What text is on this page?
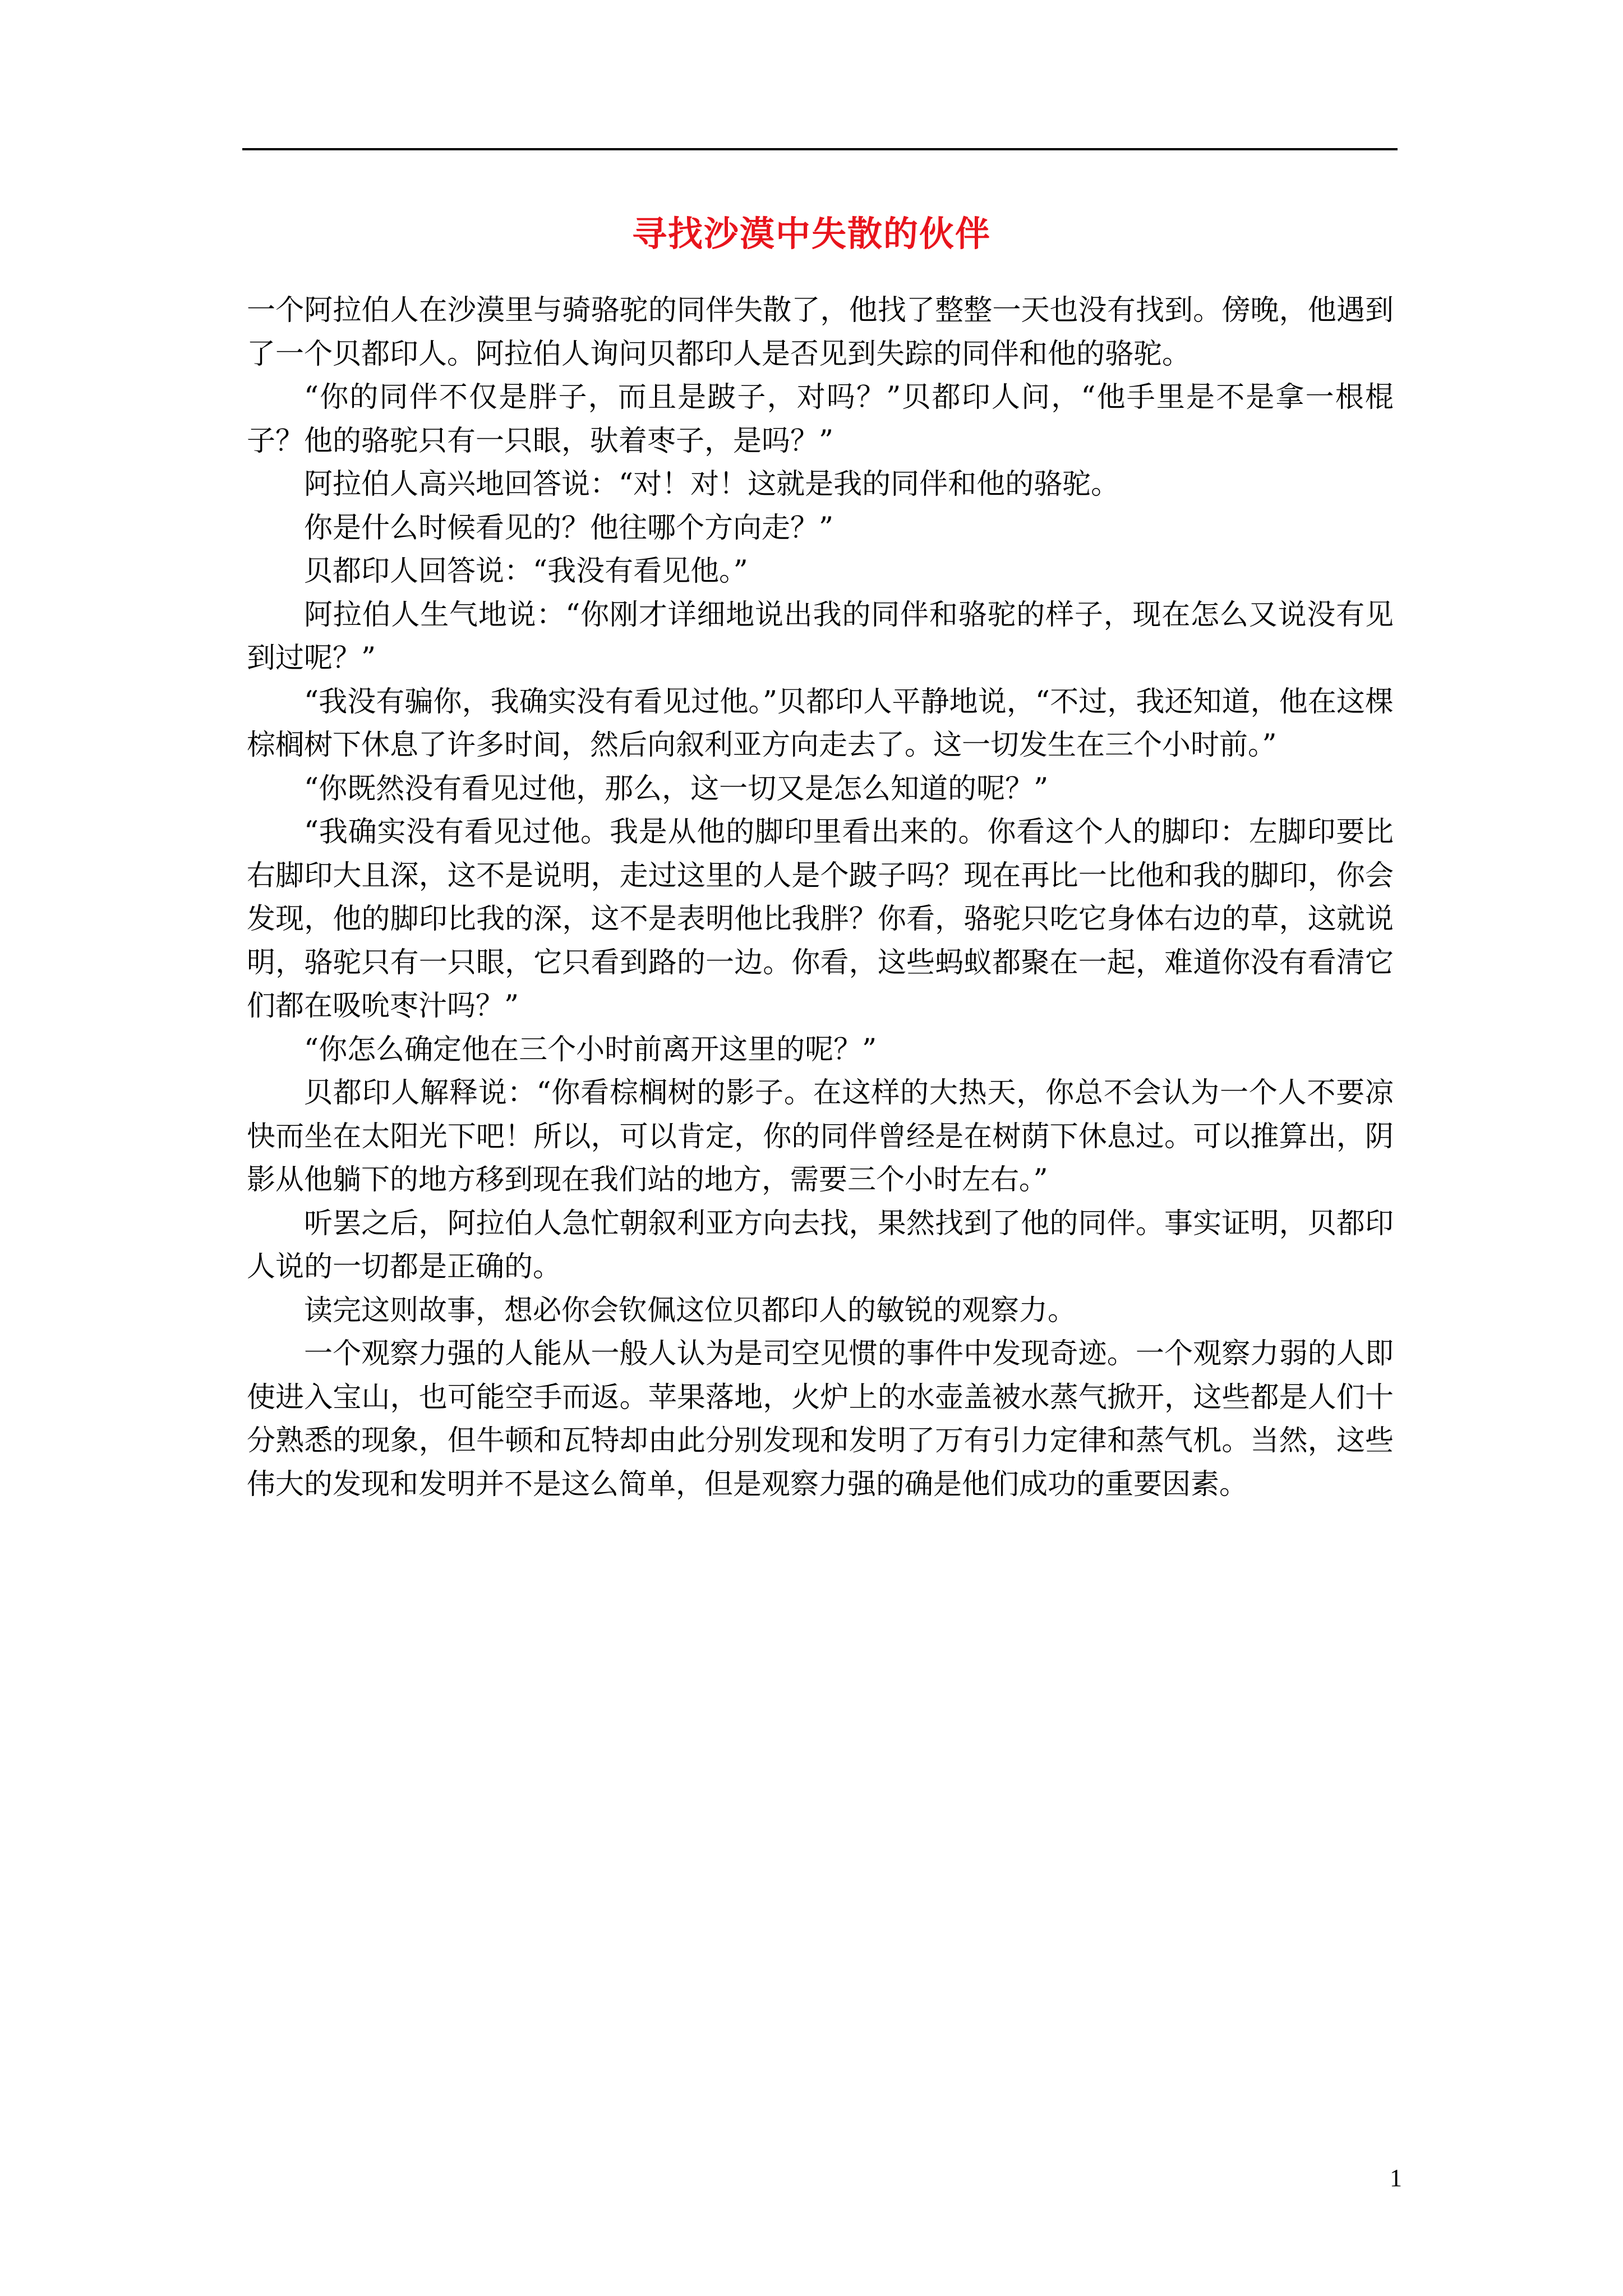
寻找沙漠中失散的伙伴

一个阿拉伯人在沙漠里与骑骆驼的同伴失散了，他找了整整一天也没有找到。傍晚，他遇到了一个贝都印人。阿拉伯人询问贝都印人是否见到失踪的同伴和他的骆驼。

“你的同伴不仅是胖子，而且是跛子，对吗？”贝都印人问，“他手里是不是拿一根棍子？他的骆驼只有一只眼，驮着枣子，是吗？”

阿拉伯人高兴地回答说：“对！对！这就是我的同伴和他的骆驼。

你是什么时候看见的？他往哪个方向走？”

贝都印人回答说：“我没有看见他。”

阿拉伯人生气地说：“你刚才详细地说出我的同伴和骆驼的样子，现在怎么又说没有见到过呢？”

“我没有骗你，我确实没有看见过他。”贝都印人平静地说，“不过，我还知道，他在这棵棕榈树下休息了许多时间，然后向叙利亚方向走去了。这一切发生在三个小时前。”

“你既然没有看见过他，那么，这一切又是怎么知道的呢？”

“我确实没有看见过他。我是从他的脚印里看出来的。你看这个人的脚印：左脚印要比右脚印大且深，这不是说明，走过这里的人是个跛子吗？现在再比一比他和我的脚印，你会发现，他的脚印比我的深，这不是表明他比我胖？你看，骆驼只吃它身体右边的草，这就说明，骆驼只有一只眼，它只看到路的一边。你看，这些蚂蚁都聚在一起，难道你没有看清它们都在吸吮枣汁吗？”

“你怎么确定他在三个小时前离开这里的呢？”

贝都印人解释说：“你看棕榈树的影子。在这样的大热天，你总不会认为一个人不要凉快而坐在太阳光下吧！所以，可以肯定，你的同伴曾经是在树荫下休息过。可以推算出，阴影从他躺下的地方移到现在我们站的地方，需要三个小时左右。”

听罢之后，阿拉伯人急忙朝叙利亚方向去找，果然找到了他的同伴。事实证明，贝都印人说的一切都是正确的。

读完这则故事，想必你会钦佩这位贝都印人的敏锐的观察力。

一个观察力强的人能从一般人认为是司空见惯的事件中发现奇迹。一个观察力弱的人即使进入宝山，也可能空手而返。苹果落地，火炉上的水壶盖被水蒸气掀开，这些都是人们十分熟悉的现象，但牛顿和瓦特却由此分别发现和发明了万有引力定律和蒸气机。当然，这些伟大的发现和发明并不是这么简单，但是观察力强的确是他们成功的重要因素。

1
